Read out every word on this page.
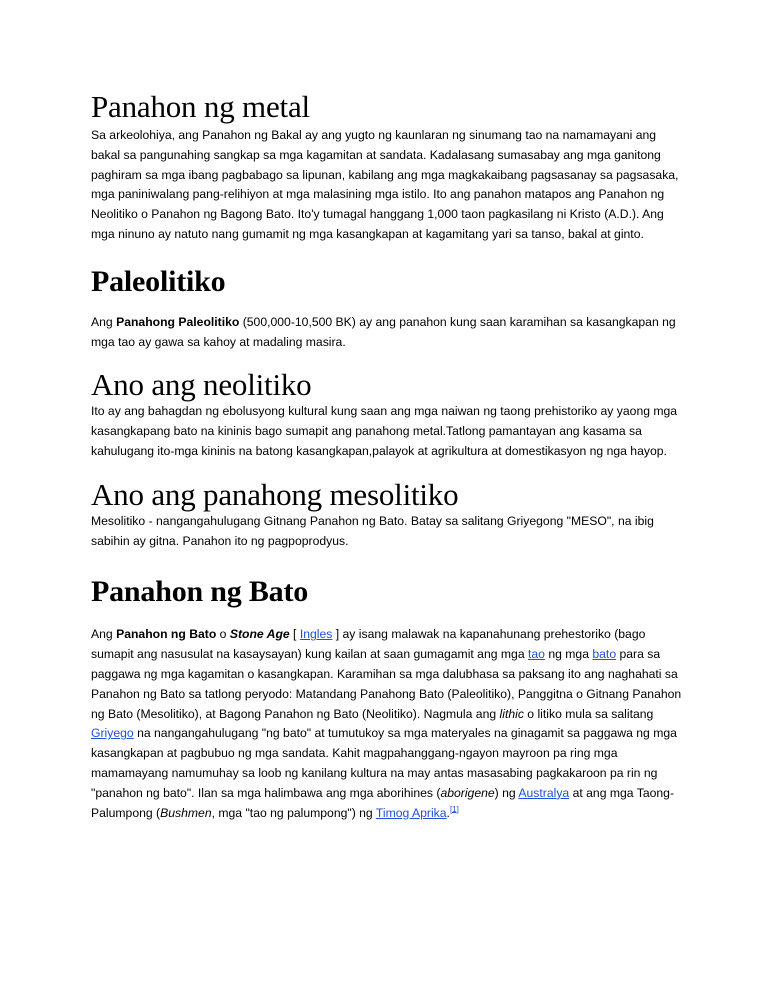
Panahon ng metal

Sa arkeolohiya, ang Panahon ng Bakal ay ang yugto ng kaunlaran ng sinumang tao na namamayani ang bakal sa pangunahing sangkap sa mga kagamitan at sandata. Kadalasang sumasabay ang mga ganitong paghiram sa mga ibang pagbabago sa lipunan, kabilang ang mga magkakaibang pagsasanay sa pagsasaka, mga paniniwalang pang-relihiyon at mga malasining mga istilo. Ito ang panahon matapos ang Panahon ng Neolitiko o Panahon ng Bagong Bato. Ito'y tumagal hanggang 1,000 taon pagkasilang ni Kristo (A.D.). Ang mga ninuno ay natuto nang gumamit ng mga kasangkapan at kagamitang yari sa tanso, bakal at ginto.

Paleolitiko

Ang Panahong Paleolitiko (500,000-10,500 BK) ay ang panahon kung saan karamihan sa kasangkapan ng mga tao ay gawa sa kahoy at madaling masira.

Ano ang neolitiko

Ito ay ang bahagdan ng ebolusyong kultural kung saan ang mga naiwan ng taong prehistoriko ay yaong mga kasangkapang bato na kininis bago sumapit ang panahong metal.Tatlong pamantayan ang kasama sa kahulugang ito-mga kininis na batong kasangkapan,palayok at agrikultura at domestikasyon ng nga hayop.

Ano ang panahong mesolitiko

Mesolitiko - nangangahulugang Gitnang Panahon ng Bato. Batay sa salitang Griyegong "MESO", na ibig sabihin ay gitna. Panahon ito ng pagpoprodyus.

Panahon ng Bato

Ang Panahon ng Bato o Stone Age [ Ingles ] ay isang malawak na kapanahunang prehestoriko (bago sumapit ang nasusulat na kasaysayan) kung kailan at saan gumagamit ang mga tao ng mga bato para sa paggawa ng mga kagamitan o kasangkapan. Karamihan sa mga dalubhasa sa paksang ito ang naghahati sa Panahon ng Bato sa tatlong peryodo: Matandang Panahong Bato (Paleolitiko), Panggitna o Gitnang Panahon ng Bato (Mesolitiko), at Bagong Panahon ng Bato (Neolitiko). Nagmula ang lithic o litiko mula sa salitang Griyego na nangangahulugang "ng bato" at tumutukoy sa mga materyales na ginagamit sa paggawa ng mga kasangkapan at pagbubuo ng mga sandata. Kahit magpahanggang-ngayon mayroon pa ring mga mamamayang namumuhay sa loob ng kanilang kultura na may antas masasabing pagkakaroon pa rin ng "panahon ng bato". Ilan sa mga halimbawa ang mga aborihines (aborigene) ng Australya at ang mga Taong-Palumpong (Bushmen, mga "tao ng palumpong") ng Timog Aprika.[1]
